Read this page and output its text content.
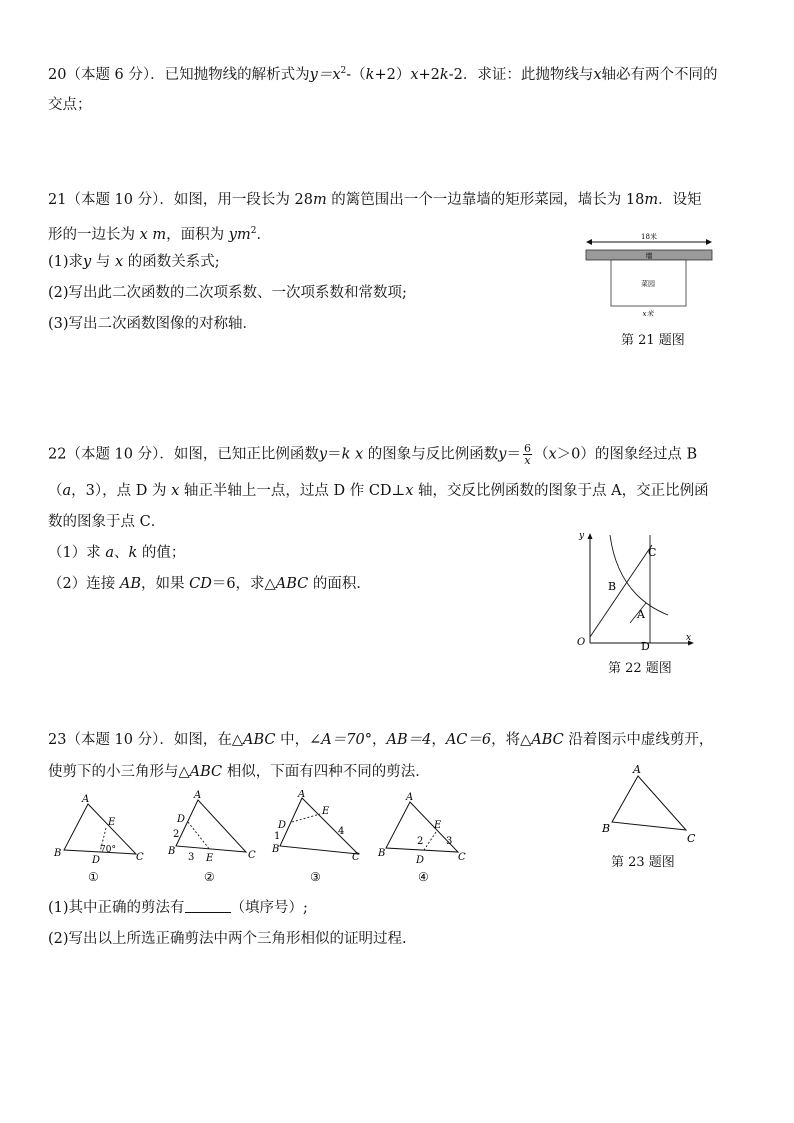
20（本题 6 分）．已知抛物线的解析式为$y=x^2-(k+2)x+2k-2$．求证：此抛物线与x轴必有两个不同的
交点；
21（本题 10 分）．如图，用一段长为 28m 的篱笆围出一个一边靠墙的矩形菜园，墙长为 18m．设矩
形的一边长为 x m，面积为 $ym^2$．
(1)求y 与 x 的函数关系式;
(2)写出此二次函数的二次项系数、一次项系数和常数项;
(3)写出二次函数图像的对称轴．
18米
墙
菜园
x米
第 21 题图
22（本题 10 分）．如图，已知正比例函数y＝k x 的图象与反比例函数$y= \frac{6}{x} (x>0)$的图象经过点 B
（a，3），点 D 为 x 轴正半轴上一点，过点 D 作 CD⊥x 轴，交反比例函数的图象于点 A，交正比例函
数的图象于点 C．
（1）求 a、k 的值；
（2）连接 AB，如果 CD＝6，求△ABC 的面积．
x
y
O
C
B
A
D
第 22 题图
23（本题 10 分）．如图，在△ABC 中，∠A＝70°，AB＝4，AC＝6，将△ABC 沿着图示中虚线剪开，
使剪下的小三角形与△ABC 相似，下面有四种不同的剪法．
A
E
70°
B
D	C
①
A
D
2
B
3 E	C
②
A
D
1
E
4
B
C
③
A
E
3
2
B
D	C
④
A
B
C
第 23 题图
(1)其中正确的剪法有	（填序号）;
(2)写出以上所选正确剪法中两个三角形相似的证明过程.
